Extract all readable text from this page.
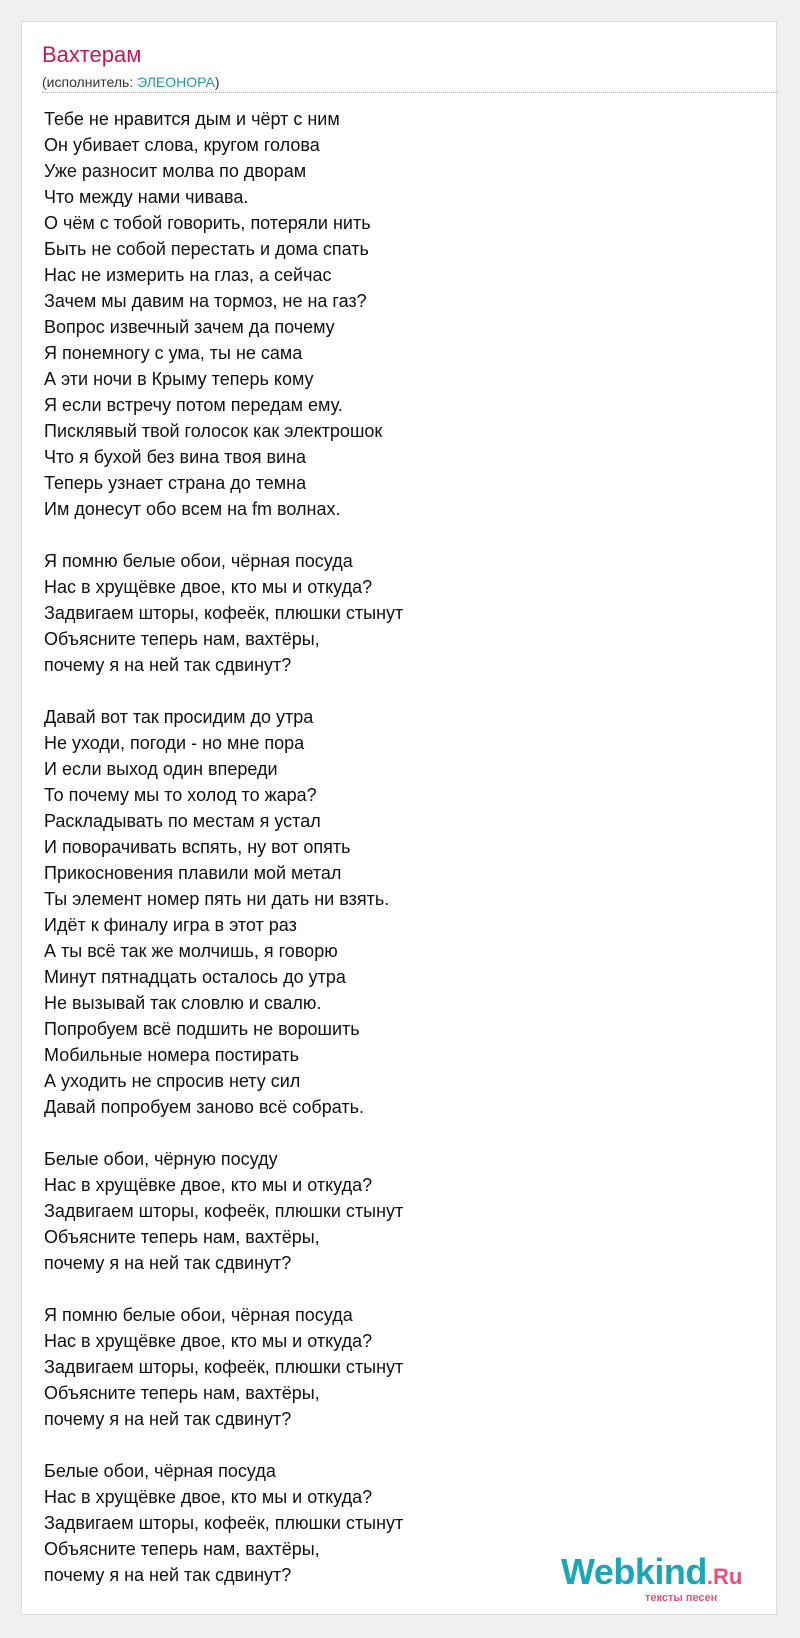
Вахтерам
(исполнитель: ЭЛЕОНОРА)
Тебе не нравится дым и чёрт с ним
Он убивает слова, кругом голова
Уже разносит молва по дворам
Что между нами чивава.
О чём с тобой говорить, потеряли нить
Быть не собой перестать и дома спать
Нас не измерить на глаз, а сейчас
Зачем мы давим на тормоз, не на газ?
Вопрос извечный зачем да почему
Я понемногу с ума, ты не сама
А эти ночи в Крыму теперь кому
Я если встречу потом передам ему.
Писклявый твой голосок как электрошок
Что я бухой без вина твоя вина
Теперь узнает страна до темна
Им донесут обо всем на fm волнах.
Я помню белые обои, чёрная посуда
Нас в хрущёвке двое, кто мы и откуда?
Задвигаем шторы, кофеёк, плюшки стынут
Объясните теперь нам, вахтёры,
почему я на ней так сдвинут?
Давай вот так просидим до утра
Не уходи, погоди - но мне пора
И если выход один впереди
То почему мы то холод то жара?
Раскладывать по местам я устал
И поворачивать вспять, ну вот опять
Прикосновения плавили мой метал
Ты элемент номер пять ни дать ни взять.
Идёт к финалу игра в этот раз
А ты всё так же молчишь, я говорю
Минут пятнадцать осталось до утра
Не вызывай так словлю и свалю.
Попробуем всё подшить не ворошить
Мобильные номера постирать
А уходить не спросив нету сил
Давай попробуем заново всё собрать.
Белые обои, чёрную посуду
Нас в хрущёвке двое, кто мы и откуда?
Задвигаем шторы, кофеёк, плюшки стынут
Объясните теперь нам, вахтёры,
почему я на ней так сдвинут?
Я помню белые обои, чёрная посуда
Нас в хрущёвке двое, кто мы и откуда?
Задвигаем шторы, кофеёк, плюшки стынут
Объясните теперь нам, вахтёры,
почему я на ней так сдвинут?
Белые обои, чёрная посуда
Нас в хрущёвке двое, кто мы и откуда?
Задвигаем шторы, кофеёк, плюшки стынут
Объясните теперь нам, вахтёры,
почему я на ней так сдвинут?	Webkind.Ru
тексты песен
